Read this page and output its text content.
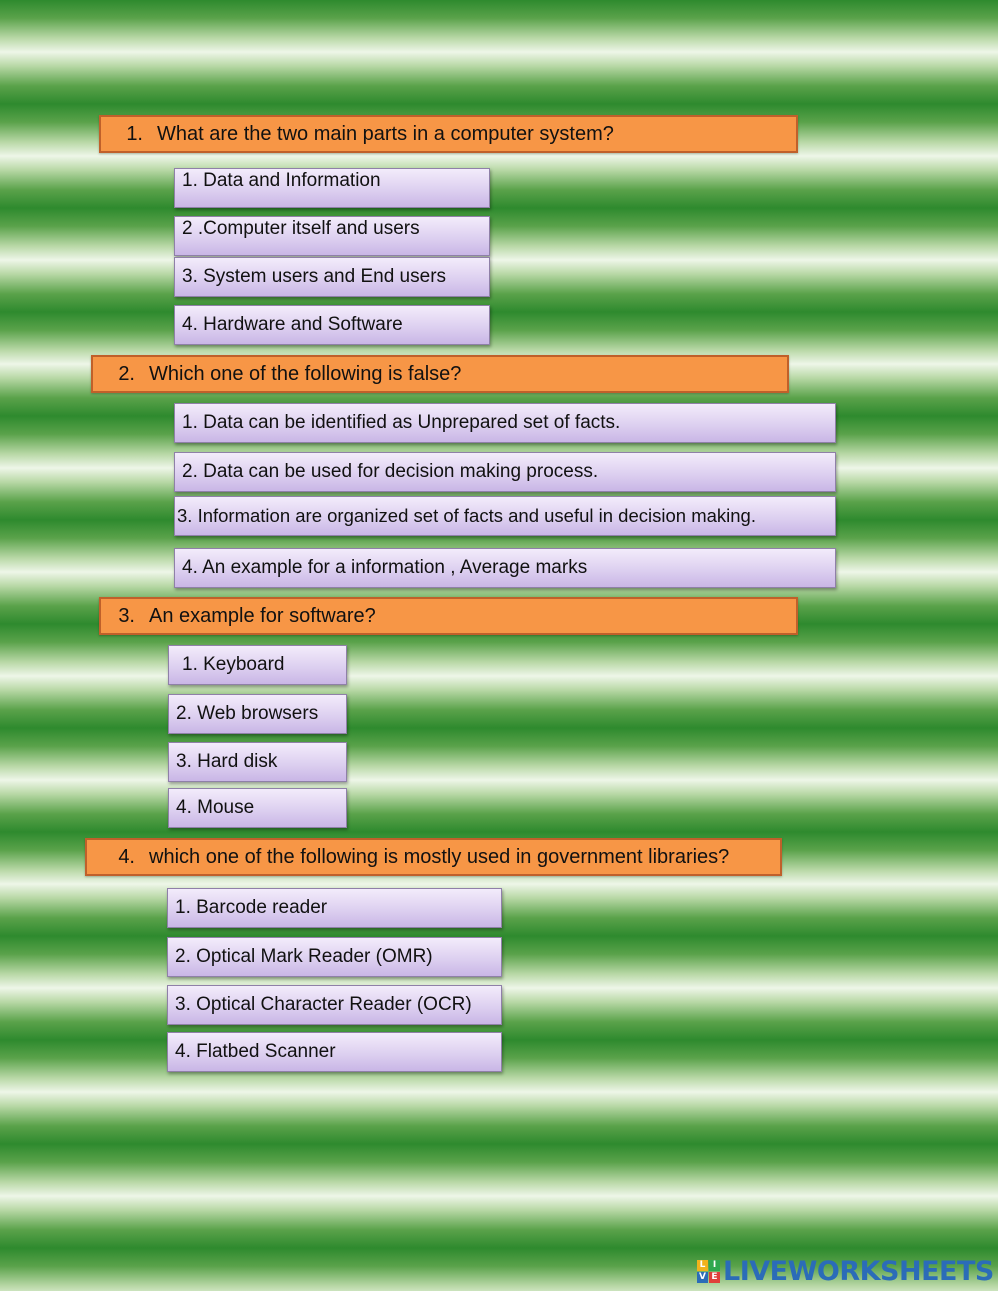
1. What are the two main parts in a computer system?
1. Data and Information
2 .Computer itself and users
3. System users and End users
4. Hardware and Software
2. Which one of the following is false?
1. Data can be identified as Unprepared set of facts.
2. Data can be used for decision making process.
3. Information are organized set of facts and useful in decision making.
4. An example for a information , Average marks
3. An example for software?
1. Keyboard
2. Web browsers
3. Hard disk
4. Mouse
4. which one of the following is mostly used in government libraries?
1. Barcode reader
2. Optical Mark Reader (OMR)
3. Optical Character Reader (OCR)
4. Flatbed Scanner
L I
V E LIVEWORKSHEETS
